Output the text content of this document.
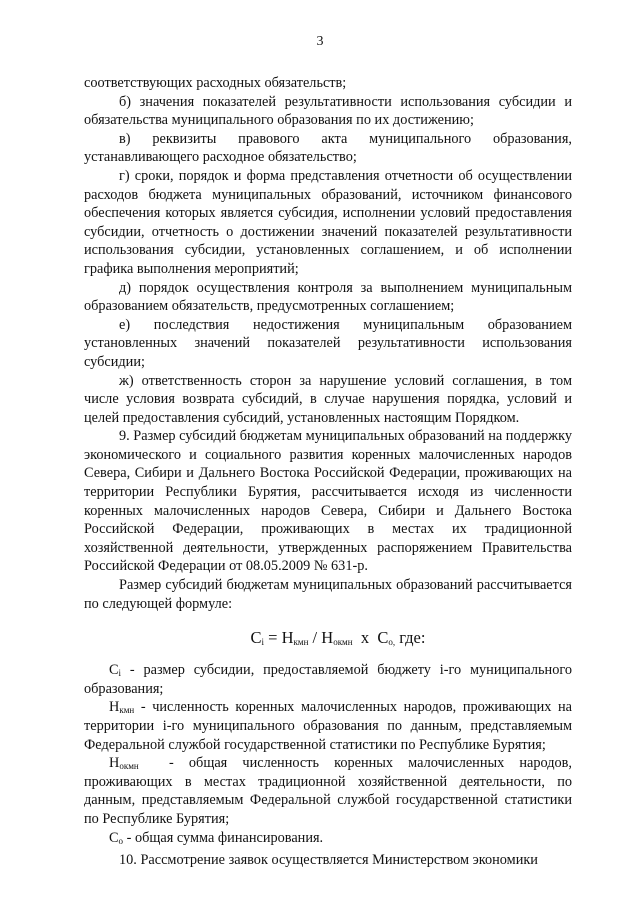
3

соответствующих расходных обязательств;

б) значения показателей результативности использования субсидии и обязательства муниципального образования по их достижению;

в) реквизиты правового акта муниципального образования, устанавливающего расходное обязательство;

г) сроки, порядок и форма представления отчетности об осуществлении расходов бюджета муниципальных образований, источником финансового обеспечения которых является субсидия, исполнении условий предоставления субсидии, отчетность о достижении значений показателей результативности использования субсидии, установленных соглашением, и об исполнении графика выполнения мероприятий;

д) порядок осуществления контроля за выполнением муниципальным образованием обязательств, предусмотренных соглашением;

е) последствия недостижения муниципальным образованием установленных значений показателей результативности использования субсидии;

ж) ответственность сторон за нарушение условий соглашения, в том числе условия возврата субсидий, в случае нарушения порядка, условий и целей предоставления субсидий, установленных настоящим Порядком.

9. Размер субсидий бюджетам муниципальных образований на поддержку экономического и социального развития коренных малочисленных народов Севера, Сибири и Дальнего Востока Российской Федерации, проживающих на территории Республики Бурятия, рассчитывается исходя из численности коренных малочисленных народов Севера, Сибири и Дальнего Востока Российской Федерации, проживающих в местах их традиционной хозяйственной деятельности, утвержденных распоряжением Правительства Российской Федерации от 08.05.2009 № 631-р.

Размер субсидий бюджетам муниципальных образований рассчитывается по следующей формуле:

$С_i = Н_{кмн} / Н_{окмн}$  х  $С_{о,}$ где:

$С_i$ - размер субсидии, предоставляемой бюджету i-го муниципального образования;

$Н_{кмн}$ - численность коренных малочисленных народов, проживающих на территории i-го муниципального образования по данным, представляемым Федеральной службой государственной статистики по Республике Бурятия;

$Н_{окмн}$  - общая численность коренных малочисленных народов, проживающих в местах традиционной хозяйственной деятельности, по данным, представляемым Федеральной службой государственной статистики по Республике Бурятия;

$С_о$ - общая сумма финансирования.

10. Рассмотрение заявок осуществляется Министерством экономики
